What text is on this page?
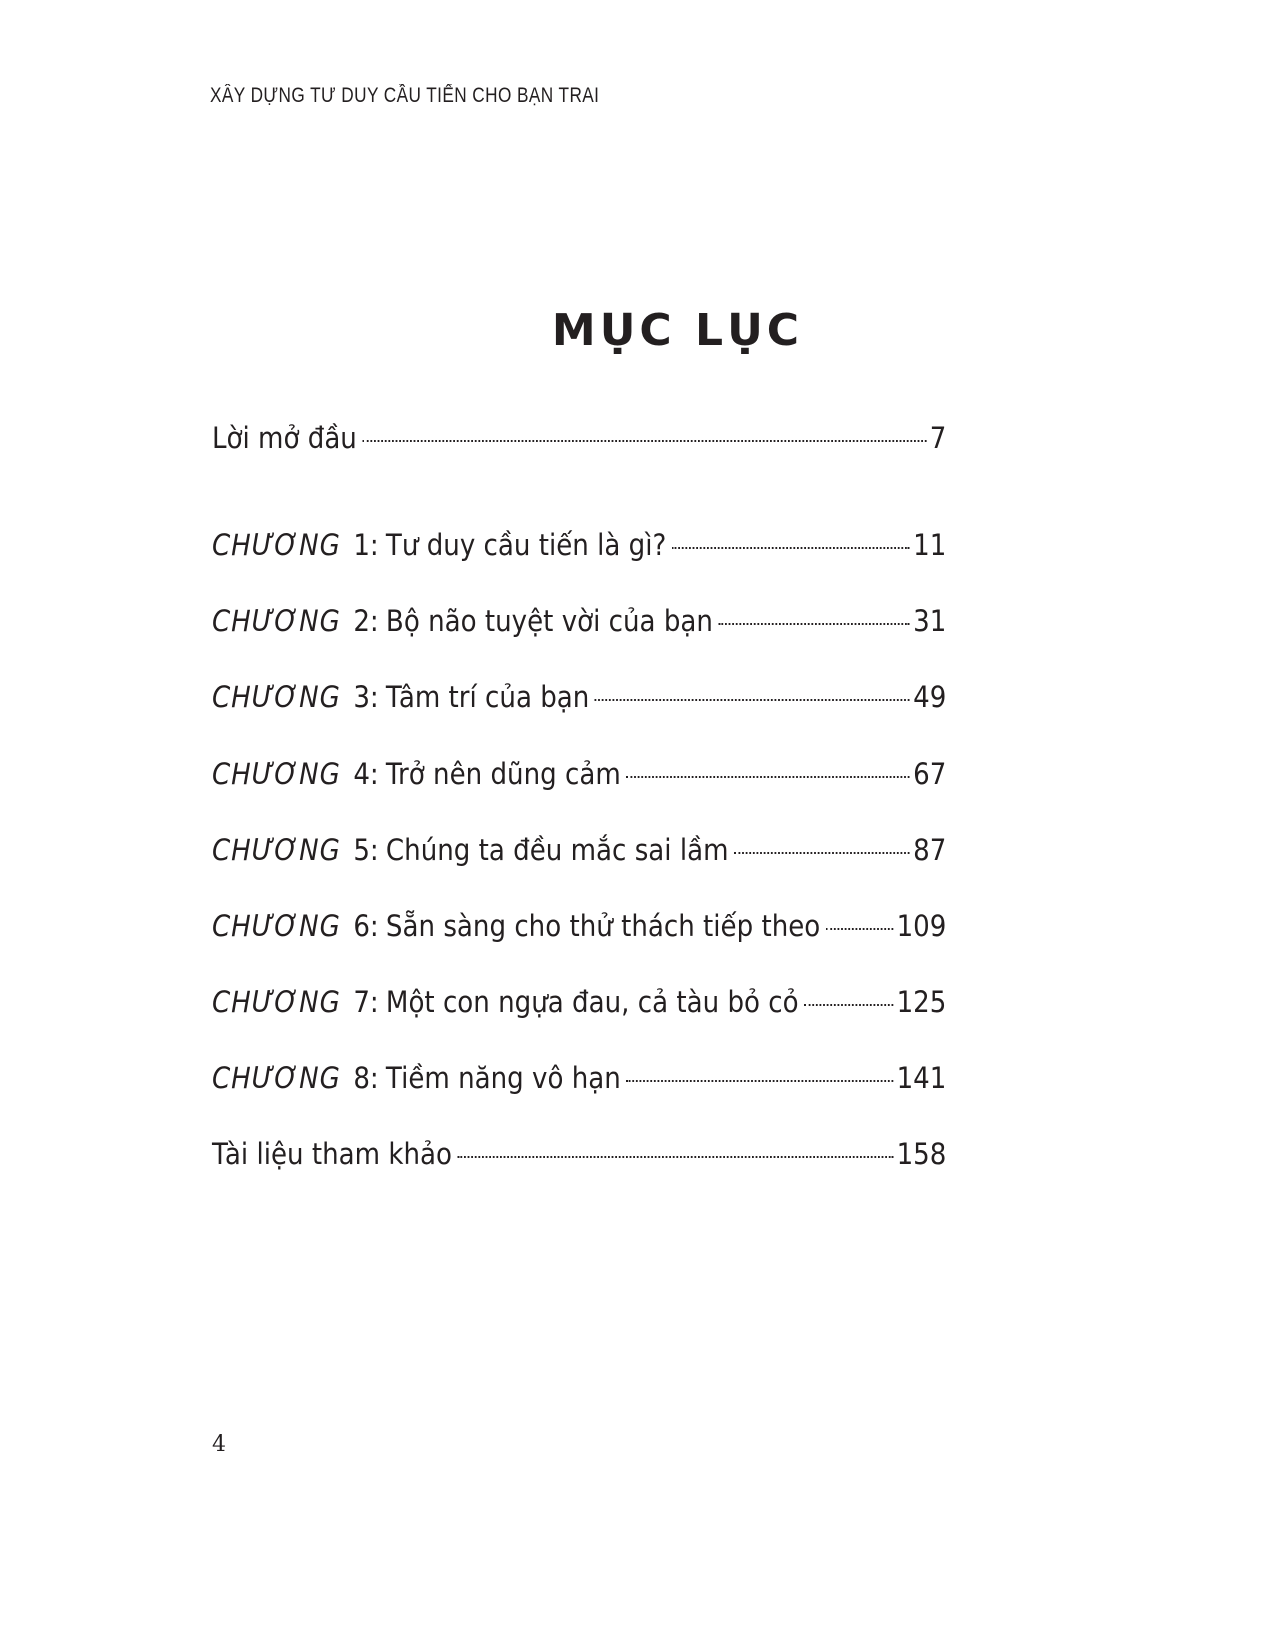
XÂY DỰNG TƯ DUY CẦU TIẾN CHO BẠN TRAI
MỤC LỤC
Lời mở đầu	7
CHƯƠNG 1 : Tư duy cầu tiến là gì?	11
CHƯƠNG 2 : Bộ não tuyệt vời của bạn	31
CHƯƠNG 3 : Tâm trí của bạn	49
CHƯƠNG 4 : Trở nên dũng cảm	67
CHƯƠNG 5 : Chúng ta đều mắc sai lầm	87
CHƯƠNG 6 : Sẵn sàng cho thử thách tiếp theo	109
CHƯƠNG 7 : Một con ngựa đau, cả tàu bỏ cỏ	125
CHƯƠNG 8 : Tiềm năng vô hạn	141
Tài liệu tham khảo	158
4
